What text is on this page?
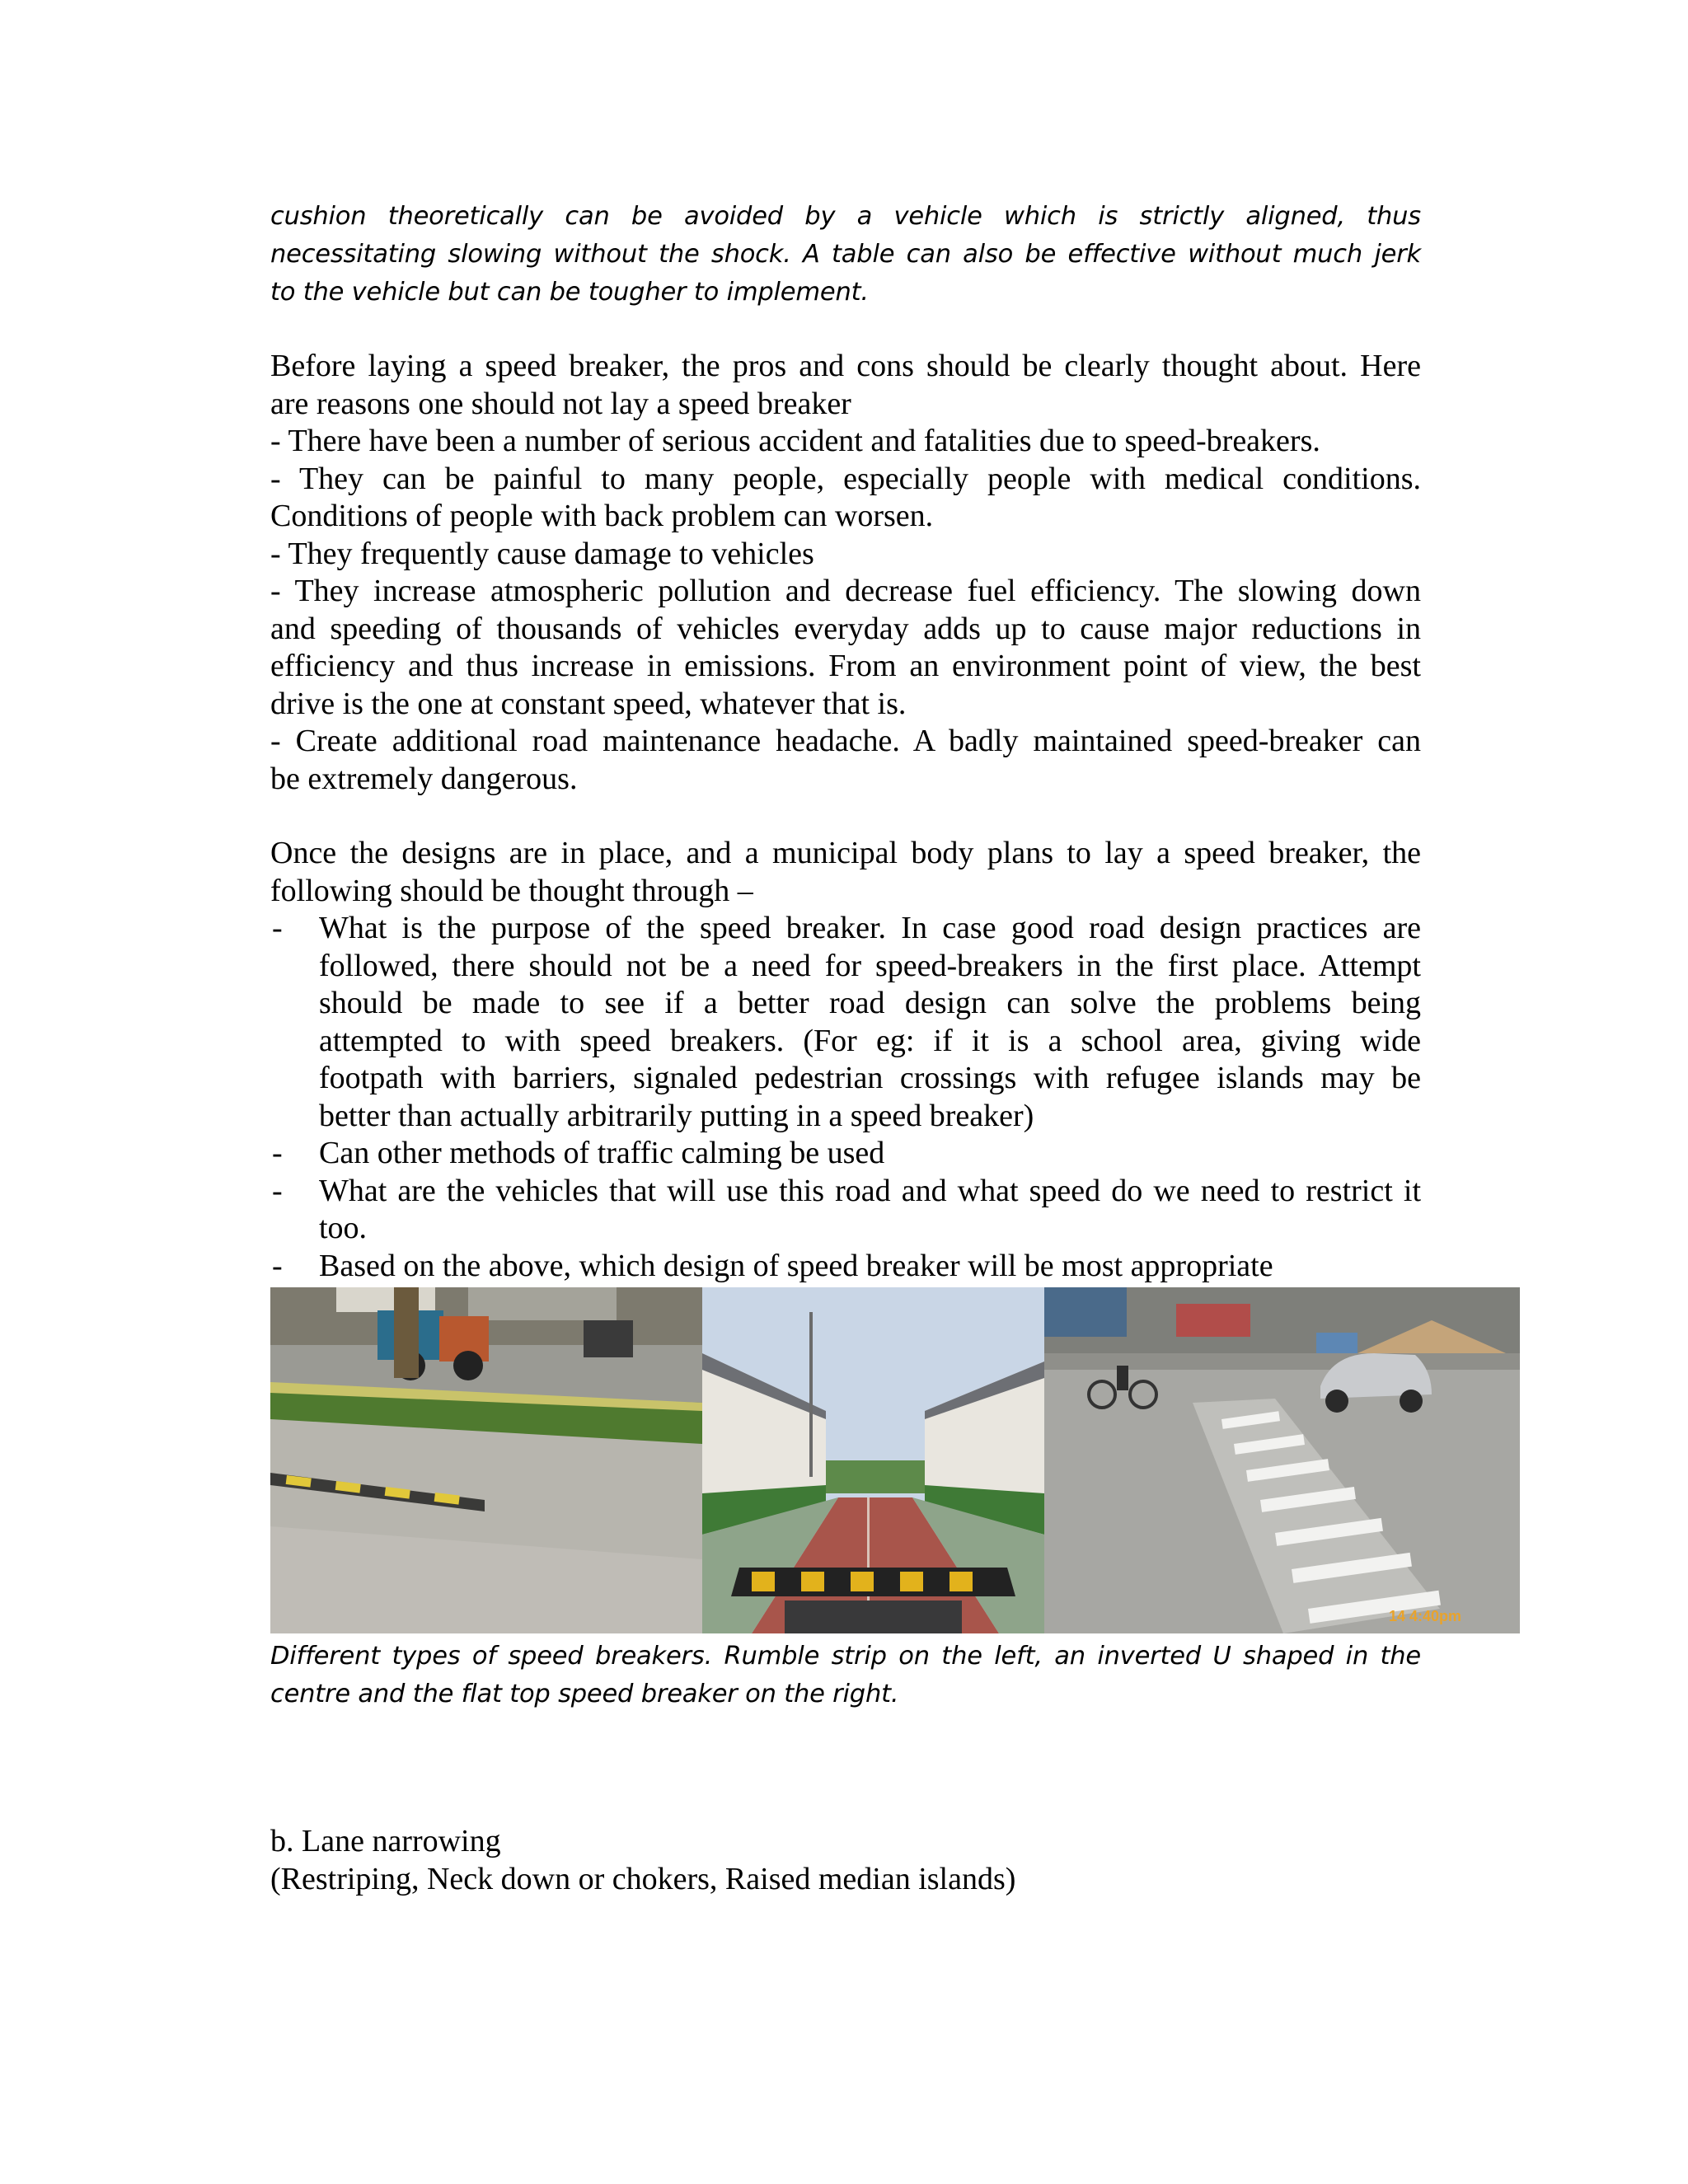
cushion theoretically can be avoided by a vehicle which is strictly aligned, thus
necessitating slowing without the shock. A table can also be effective without much jerk
to the vehicle but can be tougher to implement.
Before laying a speed breaker, the pros and cons should be clearly thought about. Here
are reasons one should not lay a speed breaker
- There have been a number of serious accident and fatalities due to speed-breakers.
- They can be painful to many people, especially people with medical conditions.
Conditions of people with back problem can worsen.
- They frequently cause damage to vehicles
- They increase atmospheric pollution and decrease fuel efficiency. The slowing down
and speeding of thousands of vehicles everyday adds up to cause major reductions in
efficiency and thus increase in emissions. From an environment point of view, the best
drive is the one at constant speed, whatever that is.
- Create additional road maintenance headache. A badly maintained speed-breaker can
be extremely dangerous.
Once the designs are in place, and a municipal body plans to lay a speed breaker, the
following should be thought through –
- What is the purpose of the speed breaker. In case good road design practices are
followed, there should not be a need for speed-breakers in the first place. Attempt
should be made to see if a better road design can solve the problems being
attempted to with speed breakers. (For eg: if it is a school area, giving wide
footpath with barriers, signaled pedestrian crossings with refugee islands may be
better than actually arbitrarily putting in a speed breaker)
- Can other methods of traffic calming be used
- What are the vehicles that will use this road and what speed do we need to restrict it
too.
- Based on the above, which design of speed breaker will be most appropriate
14 4:40pm
Different types of speed breakers. Rumble strip on the left, an inverted U shaped in the
centre and the flat top speed breaker on the right.
b. Lane narrowing
(Restriping, Neck down or chokers, Raised median islands)
